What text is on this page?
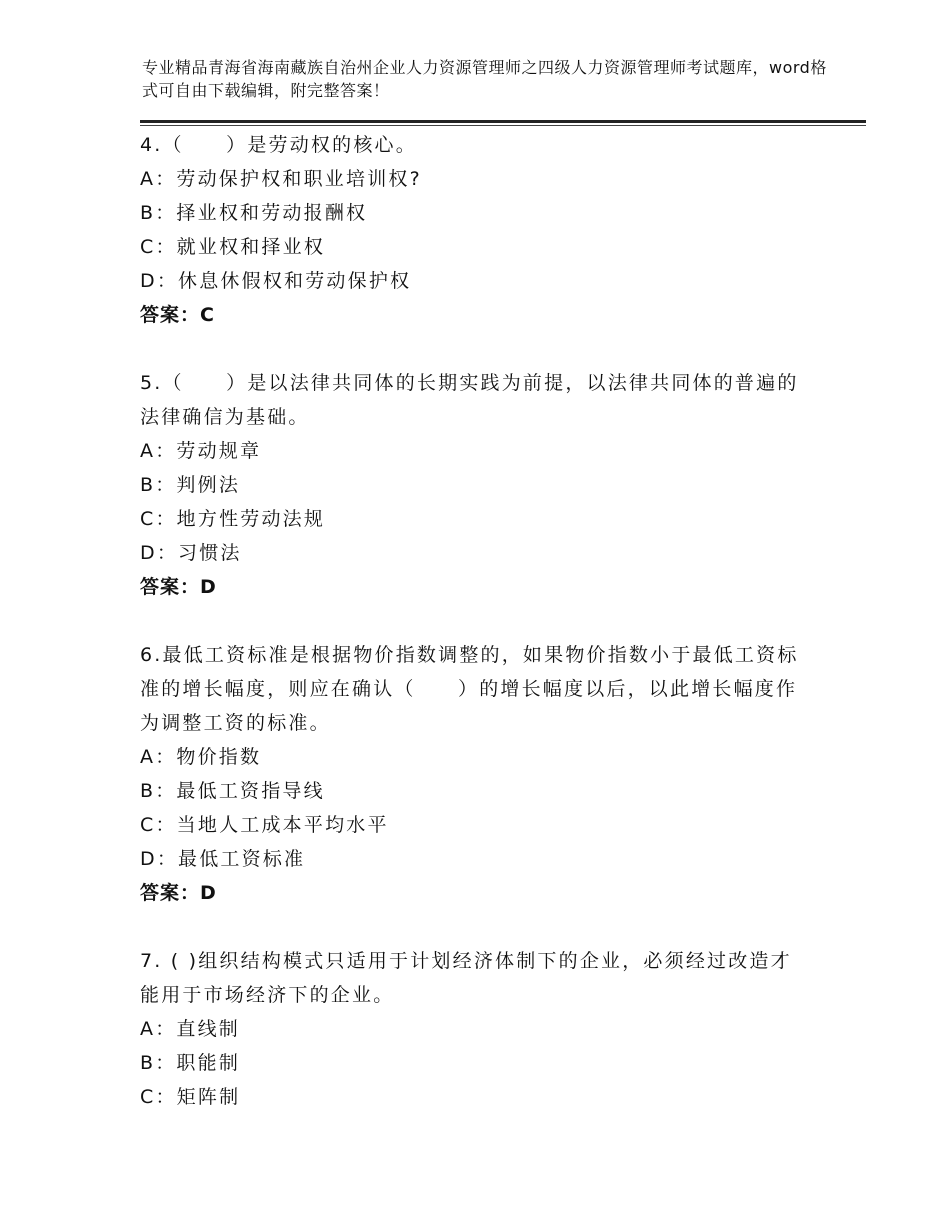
专业精品青海省海南藏族自治州企业人力资源管理师之四级人力资源管理师考试题库，word格式可自由下载编辑，附完整答案！

4.（　　）是劳动权的核心。

A：劳动保护权和职业培训权?

B：择业权和劳动报酬权

C：就业权和择业权

D：休息休假权和劳动保护权

答案：C

5.（　　）是以法律共同体的长期实践为前提，以法律共同体的普遍的法律确信为基础。

A：劳动规章

B：判例法

C：地方性劳动法规

D：习惯法

答案：D

6.最低工资标准是根据物价指数调整的，如果物价指数小于最低工资标准的增长幅度，则应在确认（　　）的增长幅度以后，以此增长幅度作为调整工资的标准。

A：物价指数

B：最低工资指导线

C：当地人工成本平均水平

D：最低工资标准

答案：D

7. ( )组织结构模式只适用于计划经济体制下的企业，必须经过改造才能用于市场经济下的企业。

A：直线制

B：职能制

C：矩阵制
